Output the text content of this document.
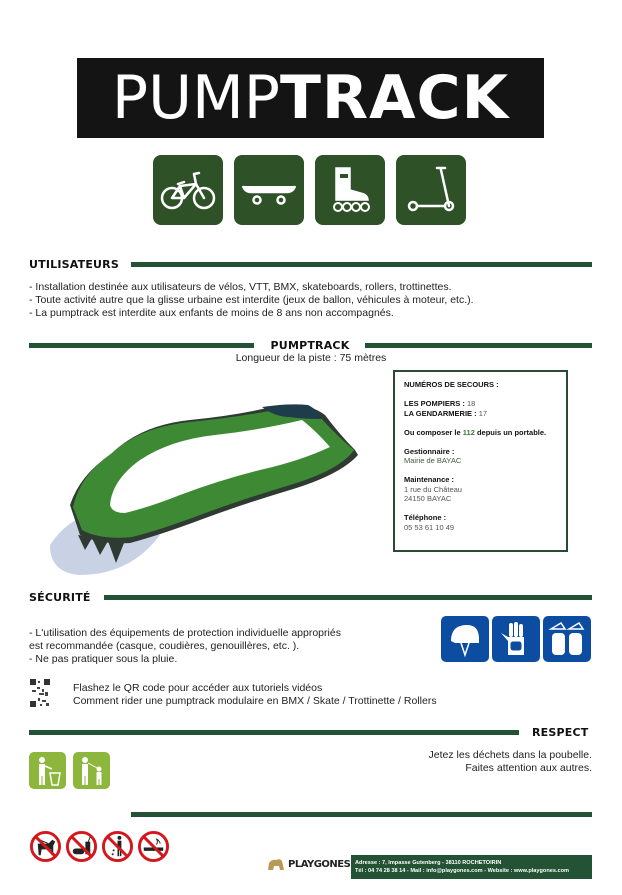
PUMP TRACK
UTILISATEURS
- Installation destinée aux utilisateurs de vélos, VTT, BMX, skateboards, rollers, trottinettes.
- Toute activité autre que la glisse urbaine est interdite (jeux de ballon, véhicules à moteur, etc.).
- La pumptrack est interdite aux enfants de moins de 8 ans non accompagnés.
PUMPTRACK
Longueur de la piste : 75 mètres
NUMÉROS DE SECOURS :
LES POMPIERS : 18
LA GENDARMERIE : 17
Ou composer le 112 depuis un portable.
Gestionnaire :
Mairie de BAYAC
Maintenance :
1 rue du Château
24150 BAYAC
Téléphone :
05 53 61 10 49
SÉCURITÉ
- L'utilisation des équipements de protection individuelle appropriés
est recommandée (casque, coudières, genouillères, etc. ).
- Ne pas pratiquer sous la pluie.
Flashez le QR code pour accéder aux tutoriels vidéos
Comment rider une pumptrack modulaire en BMX / Skate / Trottinette / Rollers
RESPECT
Jetez les déchets dans la poubelle.
Faites attention aux autres.
PLAYGONES Adresse : 7, Impasse Gutenberg - 38110 ROCHETOIRIN
Tél : 04 74 28 38 14 - Mail : info@playgones.com - Website : www.playgones.com
